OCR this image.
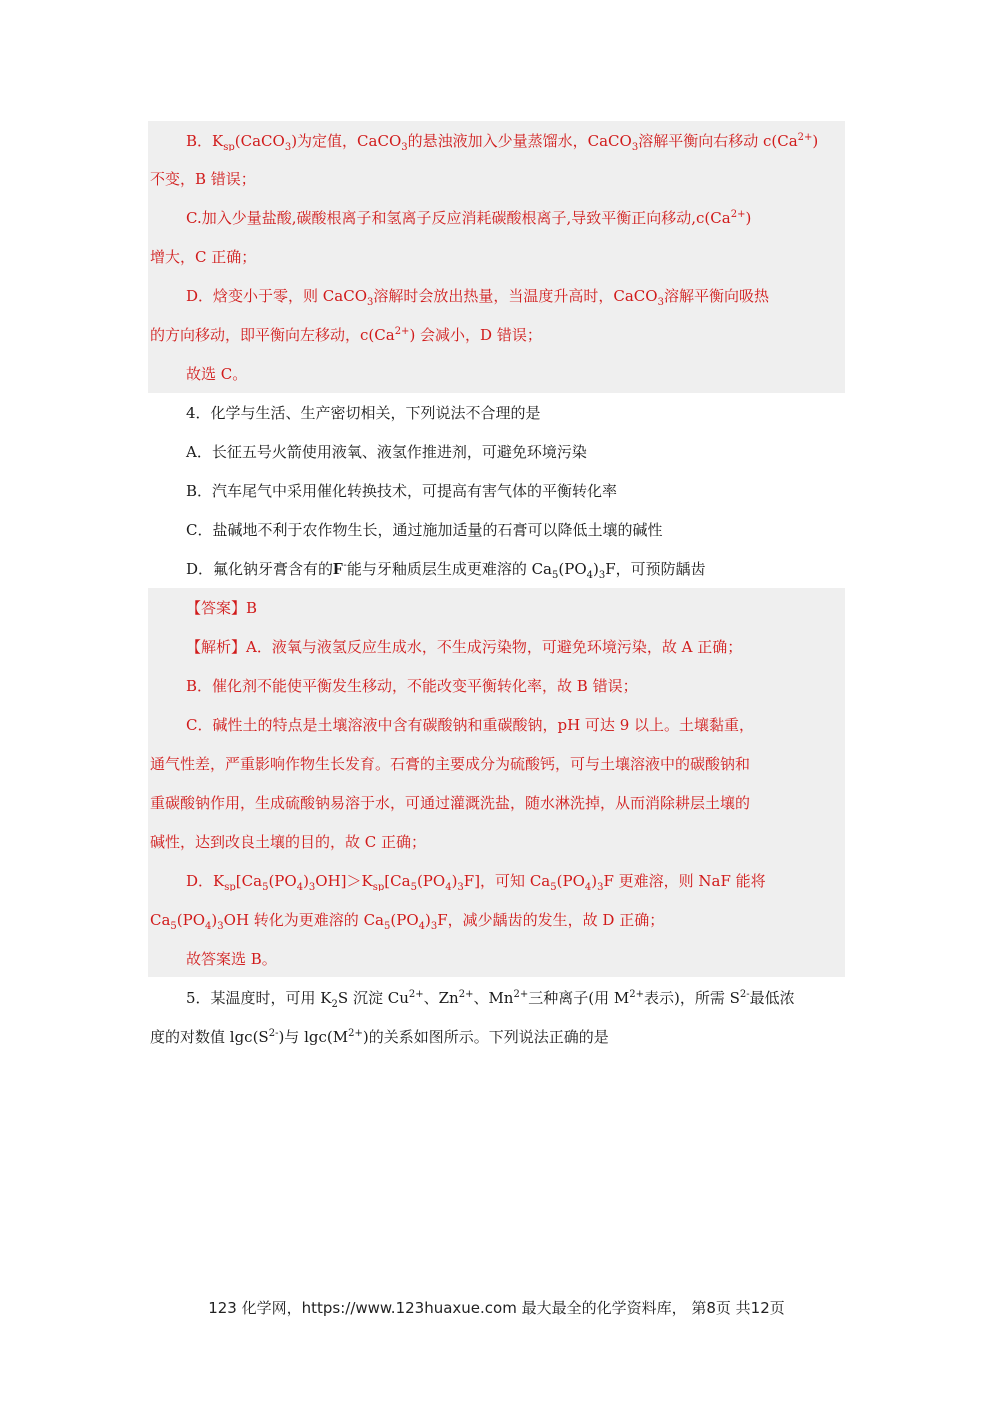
B．$K_{sp}(CaCO_3)$为定值，CaCO$_3$的悬浊液加入少量蒸馏水，CaCO$_3$溶解平衡向右移动 $c(Ca^{2+})$
不变，B 错误；
C.加入少量盐酸,碳酸根离子和氢离子反应消耗碳酸根离子,导致平衡正向移动$,c(Ca^{2+})$
增大，C 正确；
D．焓变小于零，则 CaCO$_3$溶解时会放出热量，当温度升高时，CaCO$_3$溶解平衡向吸热
的方向移动，即平衡向左移动，$c(Ca^{2+})$ 会减小，D 错误；
故选 C。
4．化学与生活、生产密切相关，下列说法不合理的是
A．长征五号火箭使用液氧、液氢作推进剂，可避免环境污染
B．汽车尾气中采用催化转换技术，可提高有害气体的平衡转化率
C．盐碱地不利于农作物生长，通过施加适量的石膏可以降低土壤的碱性
D．氟化钠牙膏含有的F-能与牙釉质层生成更难溶的 $Ca_5(PO_4)_3F$，可预防龋齿
【答案】B
【解析】A．液氧与液氢反应生成水，不生成污染物，可避免环境污染，故 A 正确；
B．催化剂不能使平衡发生移动，不能改变平衡转化率，故 B 错误；
C．碱性土的特点是土壤溶液中含有碳酸钠和重碳酸钠，pH 可达 9 以上。土壤黏重，
通气性差，严重影响作物生长发育。石膏的主要成分为硫酸钙，可与土壤溶液中的碳酸钠和
重碳酸钠作用，生成硫酸钠易溶于水，可通过灌溉洗盐，随水淋洗掉，从而消除耕层土壤的
碱性，达到改良土壤的目的，故 C 正确；
D．$K_{sp}[Ca_5(PO_4)_3OH]>K_{sp}[Ca_5(PO_4)_3F]$，可知 $Ca_5(PO_4)_3F$ 更难溶，则 NaF 能将
$Ca_5(PO_4)_3OH$ 转化为更难溶的 $Ca_5(PO_4)_3F$，减少龋齿的发生，故 D 正确；
故答案选 B。
5．某温度时，可用 $K_2S$ 沉淀 $Cu^{2+}$、$Zn^{2+}$、$Mn^{2+}$三种离子(用 $M^{2+}$表示)，所需 $S^{2-}$最低浓
度的对数值 $\lg c(S^{2-})$与 $\lg c(M^{2+})$的关系如图所示。下列说法正确的是
123 化学网，https://www.123huaxue.com 最大最全的化学资料库， 第8页 共12页
